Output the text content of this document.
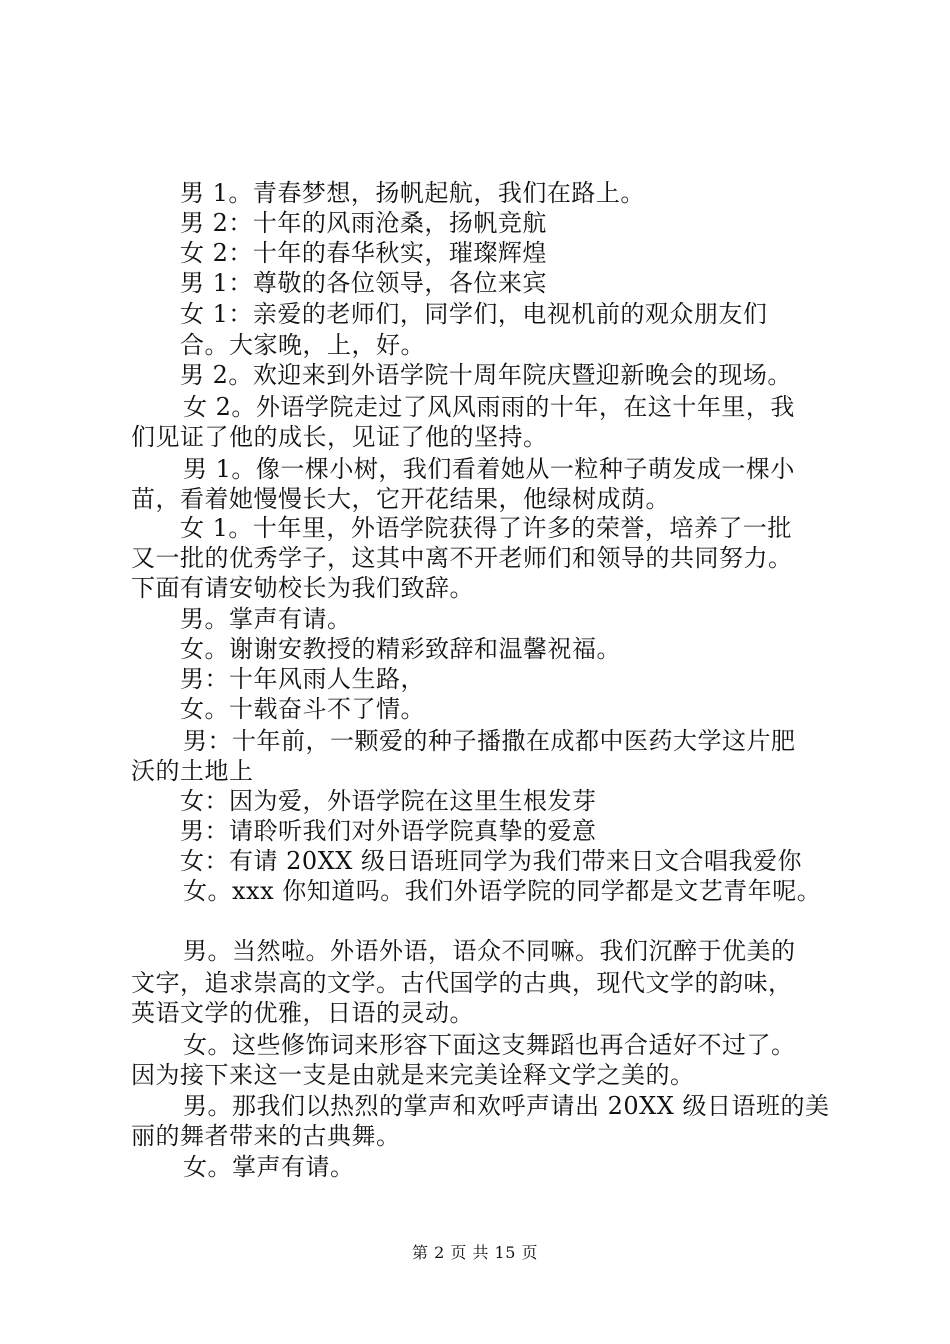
男 1。青春梦想，扬帆起航，我们在路上。
男 2：十年的风雨沧桑，扬帆竞航
女 2：十年的春华秋实，璀璨辉煌
男 1：尊敬的各位领导，各位来宾
女 1：亲爱的老师们，同学们，电视机前的观众朋友们
合。大家晚，上，好。
男 2。欢迎来到外语学院十周年院庆暨迎新晚会的现场。
女 2。外语学院走过了风风雨雨的十年，在这十年里，我
们见证了他的成长，见证了他的坚持。
男 1。像一棵小树，我们看着她从一粒种子萌发成一棵小
苗，看着她慢慢长大，它开花结果，他绿树成荫。
女 1。十年里，外语学院获得了许多的荣誉，培养了一批
又一批的优秀学子，这其中离不开老师们和领导的共同努力。
下面有请安劬校长为我们致辞。
男。掌声有请。
女。谢谢安教授的精彩致辞和温馨祝福。
男：十年风雨人生路，
女。十载奋斗不了情。
男：十年前，一颗爱的种子播撒在成都中医药大学这片肥
沃的土地上
女：因为爱，外语学院在这里生根发芽
男：请聆听我们对外语学院真挚的爱意
女：有请 20XX 级日语班同学为我们带来日文合唱我爱你
女。xxx 你知道吗。我们外语学院的同学都是文艺青年呢。
男。当然啦。外语外语，语众不同嘛。我们沉醉于优美的
文字，追求崇高的文学。古代国学的古典，现代文学的韵味，
英语文学的优雅，日语的灵动。
女。这些修饰词来形容下面这支舞蹈也再合适好不过了。
因为接下来这一支是由就是来完美诠释文学之美的。
男。那我们以热烈的掌声和欢呼声请出 20XX 级日语班的美
丽的舞者带来的古典舞。
女。掌声有请。
第 2 页 共 15 页
